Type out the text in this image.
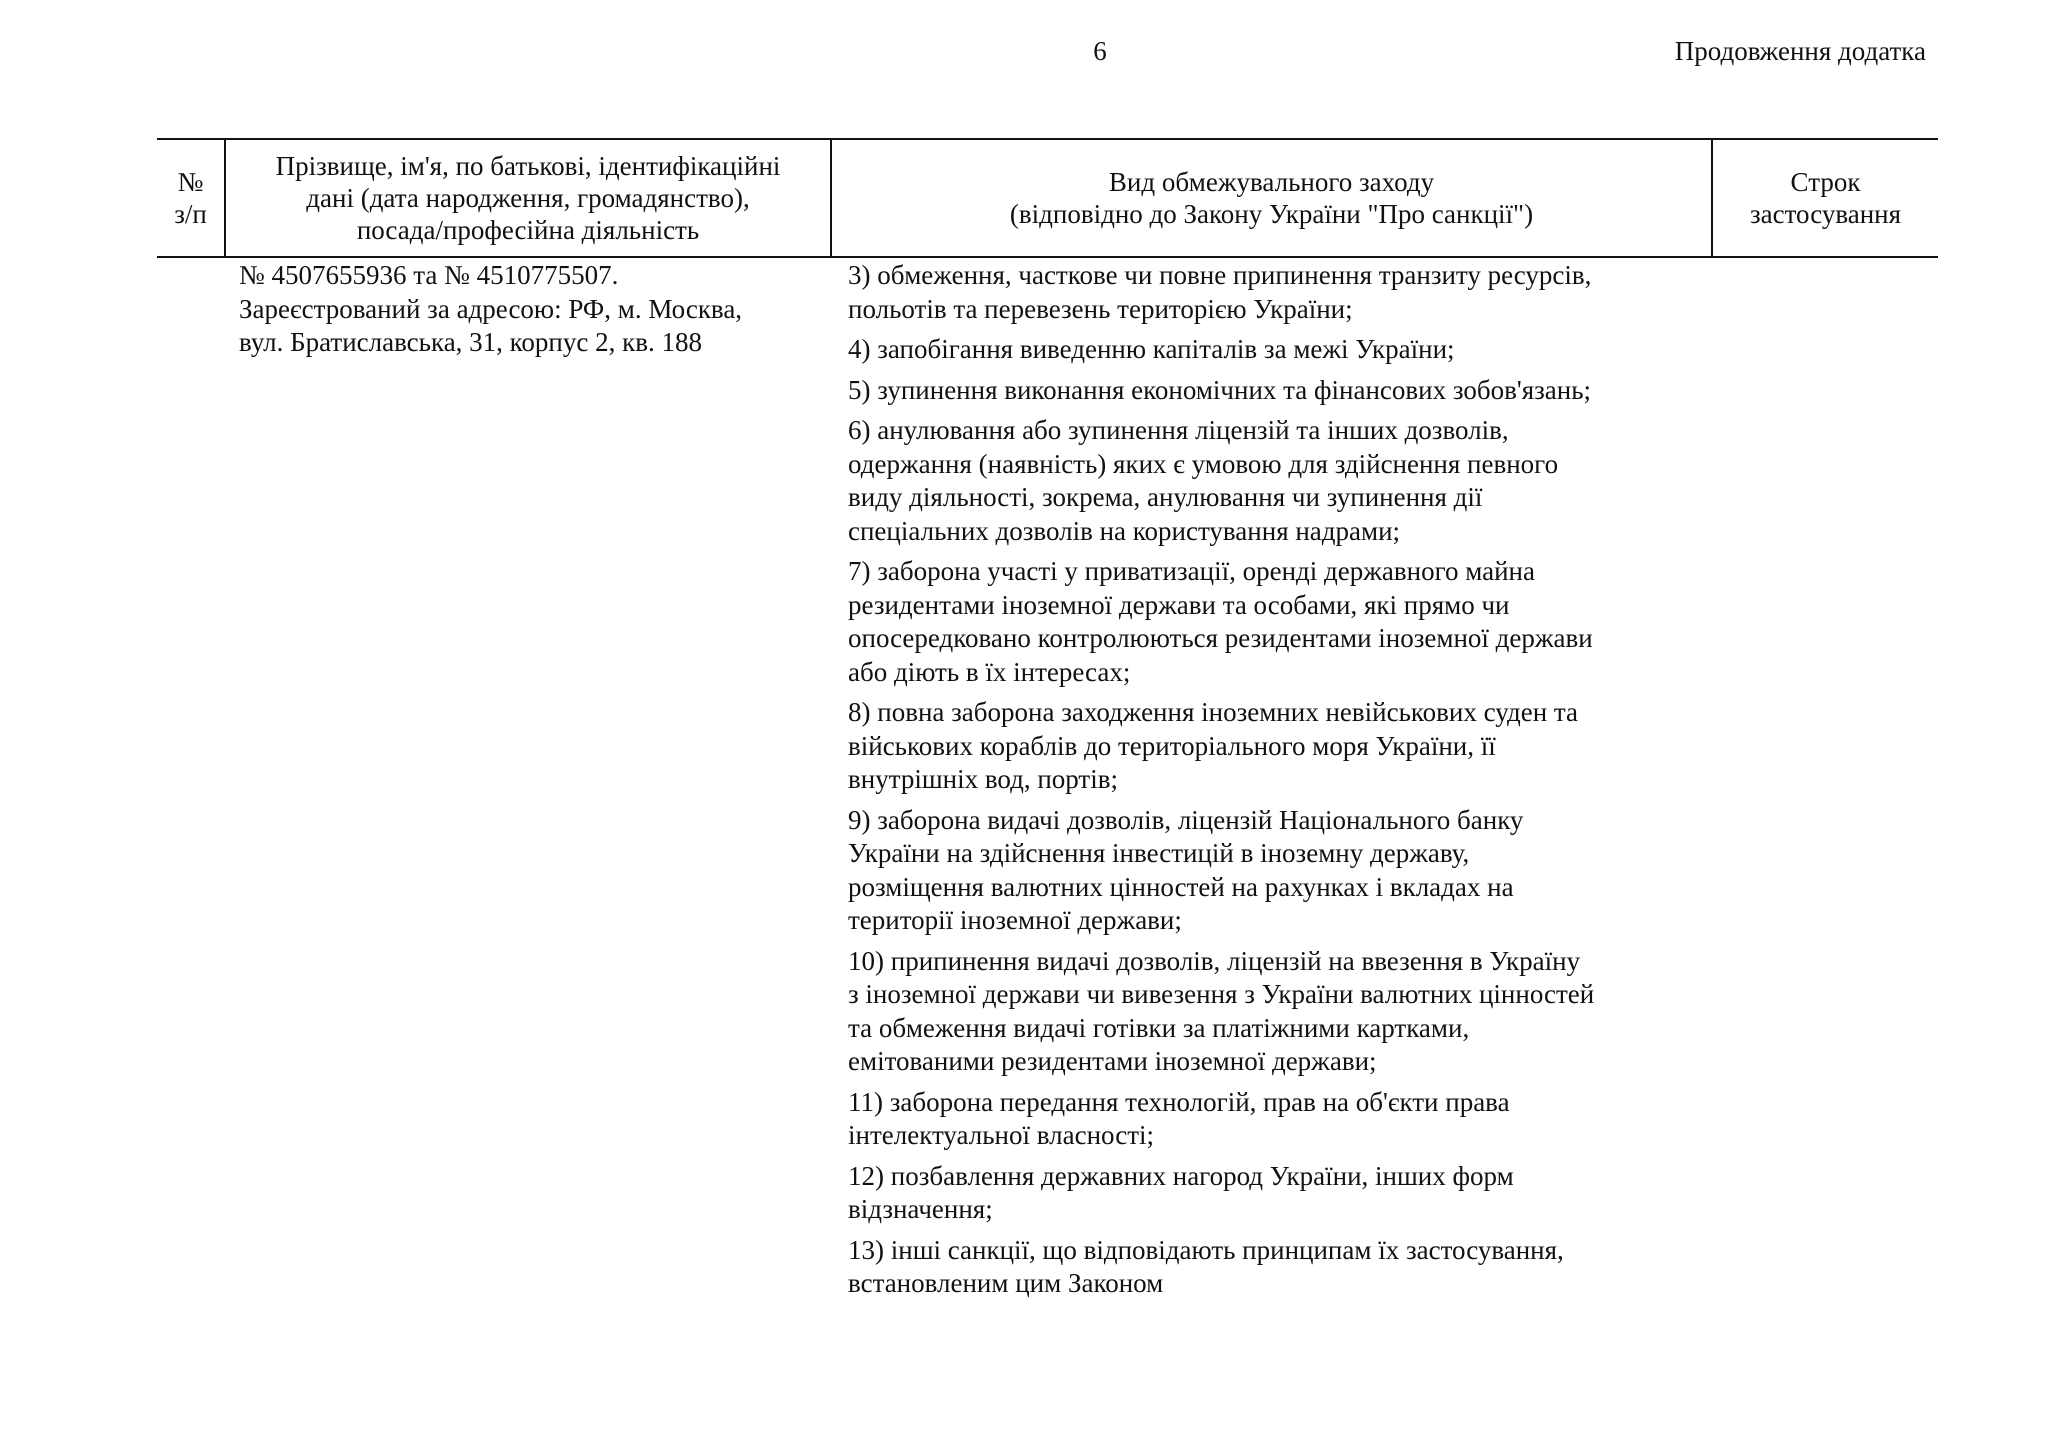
6	Продовження додатка
№
з/п
Прізвище, ім'я, по батькові, ідентифікаційні
дані (дата народження, громадянство),
посада/професійна діяльність
Вид обмежувального заходу
(відповідно до Закону України "Про санкції")
Строк
застосування
№ 4507655936 та № 4510775507.
Зареєстрований за адресою: РФ, м. Москва,
вул. Братиславська, 31, корпус 2, кв. 188
3) обмеження, часткове чи повне припинення транзиту ресурсів,
польотів та перевезень територією України;
4) запобігання виведенню капіталів за межі України;
5) зупинення виконання економічних та фінансових зобов'язань;
6) анулювання або зупинення ліцензій та інших дозволів,
одержання (наявність) яких є умовою для здійснення певного
виду діяльності, зокрема, анулювання чи зупинення дії
спеціальних дозволів на користування надрами;
7) заборона участі у приватизації, оренді державного майна
резидентами іноземної держави та особами, які прямо чи
опосередковано контролюються резидентами іноземної держави
або діють в їх інтересах;
8) повна заборона заходження іноземних невійськових суден та
військових кораблів до територіального моря України, її
внутрішніх вод, портів;
9) заборона видачі дозволів, ліцензій Національного банку
України на здійснення інвестицій в іноземну державу,
розміщення валютних цінностей на рахунках і вкладах на
території іноземної держави;
10) припинення видачі дозволів, ліцензій на ввезення в Україну
з іноземної держави чи вивезення з України валютних цінностей
та обмеження видачі готівки за платіжними картками,
емітованими резидентами іноземної держави;
11) заборона передання технологій, прав на об'єкти права
інтелектуальної власності;
12) позбавлення державних нагород України, інших форм
відзначення;
13) інші санкції, що відповідають принципам їх застосування,
встановленим цим Законом
